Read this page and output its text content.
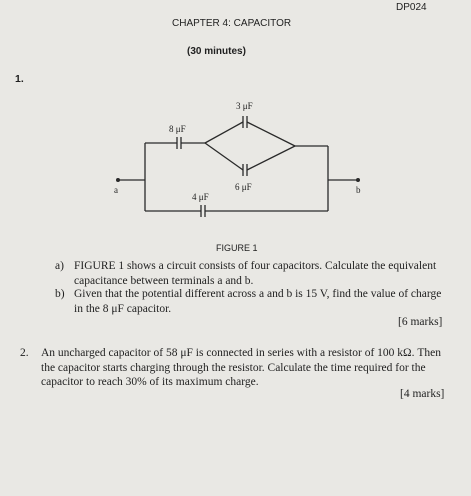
DP024
CHAPTER 4: CAPACITOR
(30 minutes)
1.
3 μF
8 μF
6 μF
4 μF
a	b
FIGURE 1
a) FIGURE 1 shows a circuit consists of four capacitors. Calculate the equivalent capacitance between terminals a and b.
b) Given that the potential different across a and b is 15 V, find the value of charge in the 8 μF capacitor.
[6 marks]
2. An uncharged capacitor of 58 μF is connected in series with a resistor of 100 kΩ. Then the capacitor starts charging through the resistor. Calculate the time required for the capacitor to reach 30% of its maximum charge.
[4 marks]
